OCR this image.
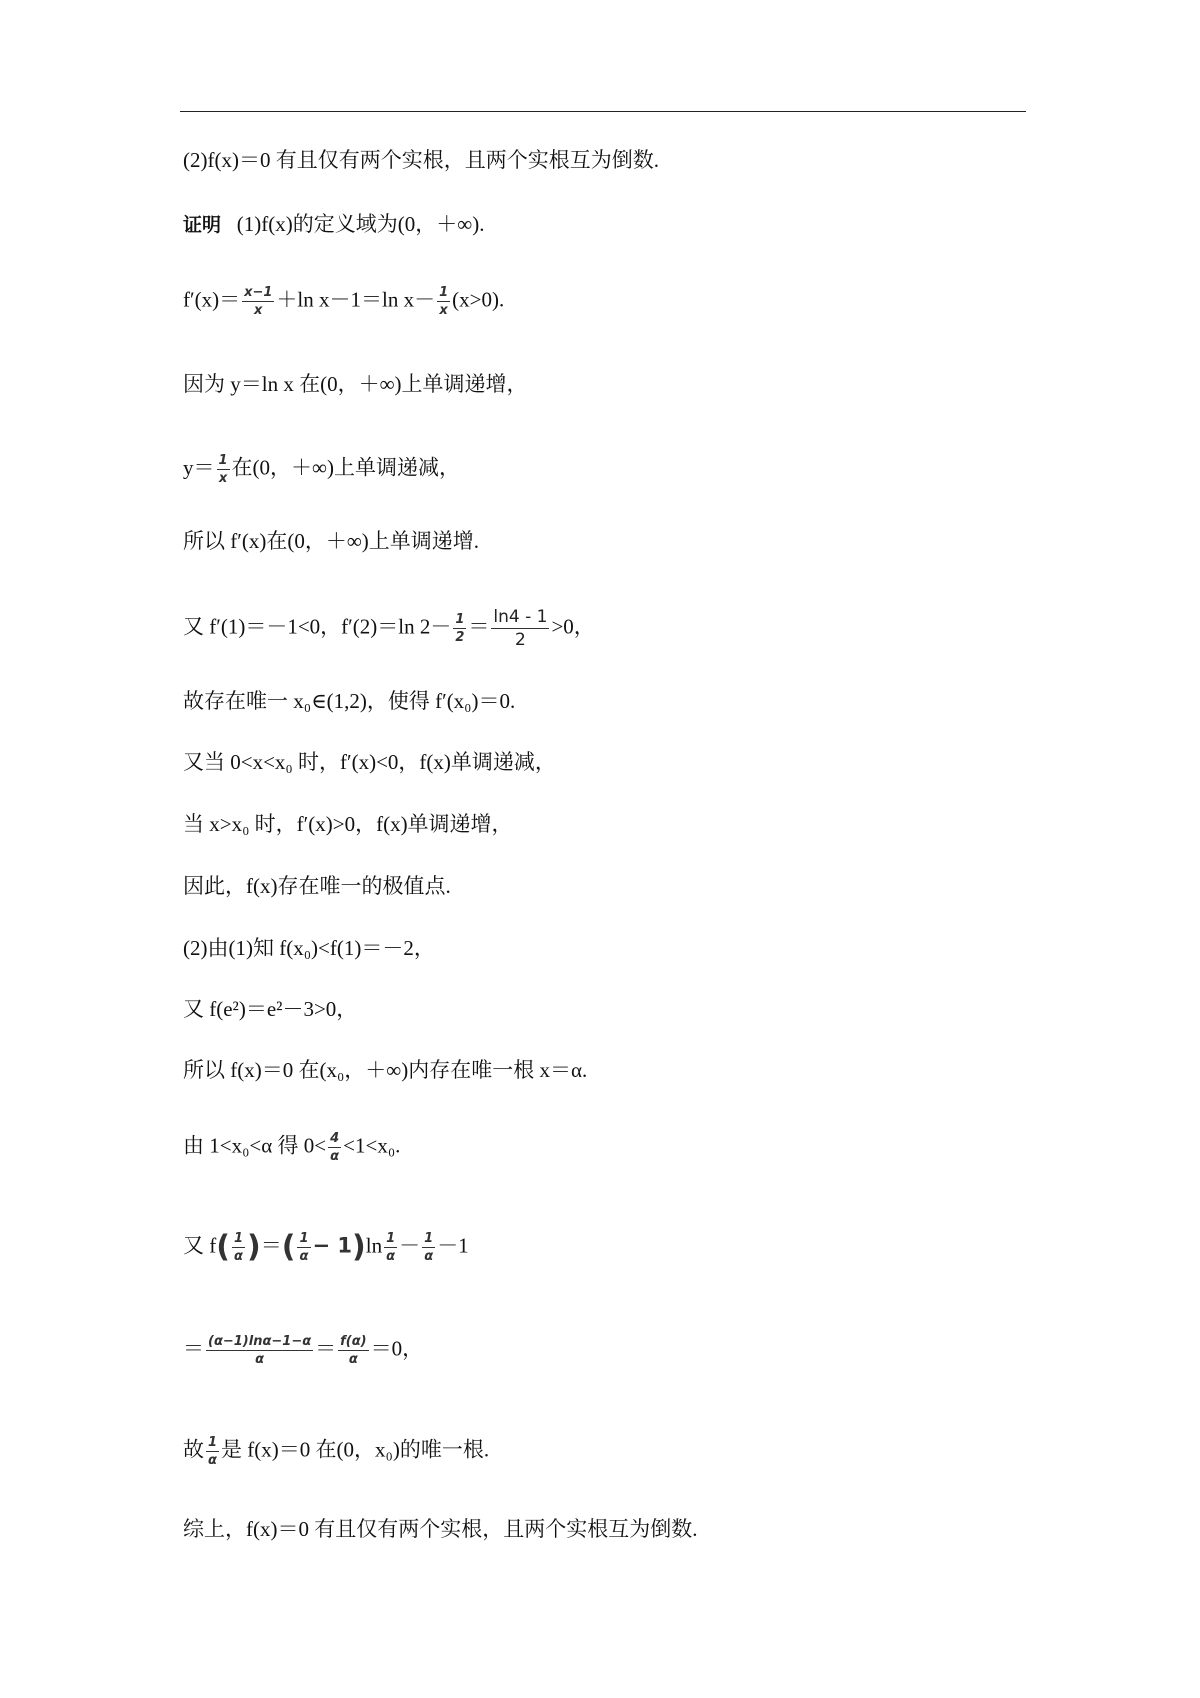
(2)f(x)＝0 有且仅有两个实根，且两个实根互为倒数.
证明 (1)f(x)的定义域为(0，＋∞).
$f'(x)= \frac{x-1}{x} +\ln$ x－1＝ln $x- \frac{1}{x} (x>0)$.
因为 y＝ln x 在(0，＋∞)上单调递增，
$y= \frac{1}{x}$ 在(0，＋∞)上单调递减，
所以 f′(x)在(0，＋∞)上单调递增.
又 f′(1)＝－1<0，f′(2)＝ln $2- \frac{1}{2} = \frac{\ln 4 - 1}{2} >0$，
故存在唯一 x₀∈(1,2)，使得 f′(x₀)＝0.
又当 0<x<x₀ 时，f′(x)<0，f(x)单调递减，
当 x>x₀ 时，f′(x)>0，f(x)单调递增，
因此，f(x)存在唯一的极值点.
(2)由(1)知 f(x₀)<f(1)＝－2，
又 f(e²)＝e²－3>0，
所以 f(x)＝0 在(x₀，＋∞)内存在唯一根 x＝α.
由 1<x₀<α 得 $0< \frac{4}{\alpha} <1<x_0$.
又 $f( \frac{1}{\alpha}$ )＝( $\frac{1}{\alpha} - 1)\ln \frac{1}{\alpha} - \frac{1}{\alpha} -1$
＝ $\frac{(\alpha-1)\ln\alpha-1-\alpha}{\alpha} = \frac{f(\alpha)}{\alpha} =0$，
故 $\frac{1}{\alpha}$ 是 f(x)＝0 在(0，x₀)的唯一根.
综上，f(x)＝0 有且仅有两个实根，且两个实根互为倒数.
